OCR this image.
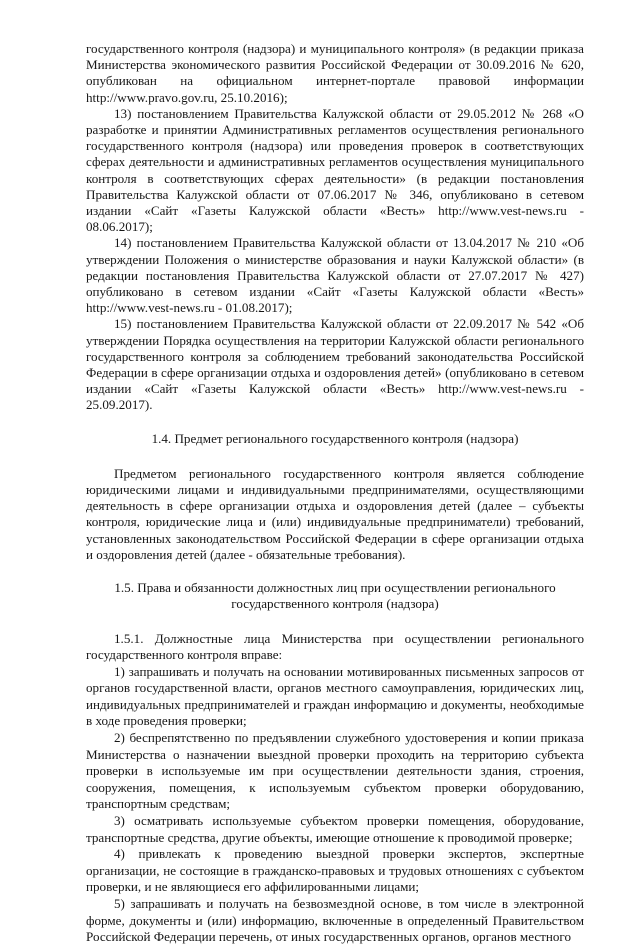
государственного контроля (надзора) и муниципального контроля» (в редакции приказа Министерства экономического развития Российской Федерации от 30.09.2016 № 620, опубликован на официальном интернет-портале правовой информации http://www.pravo.gov.ru, 25.10.2016);

13) постановлением Правительства Калужской области от 29.05.2012 № 268 «О разработке и принятии Административных регламентов осуществления регионального государственного контроля (надзора) или проведения проверок в соответствующих сферах деятельности и административных регламентов осуществления муниципального контроля в соответствующих сферах деятельности» (в редакции постановления Правительства Калужской области от 07.06.2017 № 346, опубликовано в сетевом издании «Сайт «Газеты Калужской области «Весть» http://www.vest-news.ru - 08.06.2017);

14) постановлением Правительства Калужской области от 13.04.2017 № 210 «Об утверждении Положения о министерстве образования и науки Калужской области» (в редакции постановления Правительства Калужской области от 27.07.2017 № 427) опубликовано в сетевом издании «Сайт «Газеты Калужской области «Весть» http://www.vest-news.ru - 01.08.2017);

15) постановлением Правительства Калужской области от 22.09.2017 № 542 «Об утверждении Порядка осуществления на территории Калужской области регионального государственного контроля за соблюдением требований законодательства Российской Федерации в сфере организации отдыха и оздоровления детей» (опубликовано в сетевом издании «Сайт «Газеты Калужской области «Весть» http://www.vest-news.ru - 25.09.2017).

1.4. Предмет регионального государственного контроля (надзора)

Предметом регионального государственного контроля является соблюдение юридическими лицами и индивидуальными предпринимателями, осуществляющими деятельность в сфере организации отдыха и оздоровления детей (далее – субъекты контроля, юридические лица и (или) индивидуальные предприниматели) требований, установленных законодательством Российской Федерации в сфере организации отдыха и оздоровления детей (далее - обязательные требования).

1.5. Права и обязанности должностных лиц при осуществлении регионального государственного контроля (надзора)

1.5.1. Должностные лица Министерства при осуществлении регионального государственного контроля вправе:

1) запрашивать и получать на основании мотивированных письменных запросов от органов государственной власти, органов местного самоуправления, юридических лиц, индивидуальных предпринимателей и граждан информацию и документы, необходимые в ходе проведения проверки;

2) беспрепятственно по предъявлении служебного удостоверения и копии приказа Министерства о назначении выездной проверки проходить на территорию субъекта проверки в используемые им при осуществлении деятельности здания, строения, сооружения, помещения, к используемым субъектом проверки оборудованию, транспортным средствам;

3) осматривать используемые субъектом проверки помещения, оборудование, транспортные средства, другие объекты, имеющие отношение к проводимой проверке;

4) привлекать к проведению выездной проверки экспертов, экспертные организации, не состоящие в гражданско-правовых и трудовых отношениях с субъектом проверки, и не являющиеся его аффилированными лицами;

5) запрашивать и получать на безвозмездной основе, в том числе в электронной форме, документы и (или) информацию, включенные в определенный Правительством Российской Федерации перечень, от иных государственных органов, органов местного
